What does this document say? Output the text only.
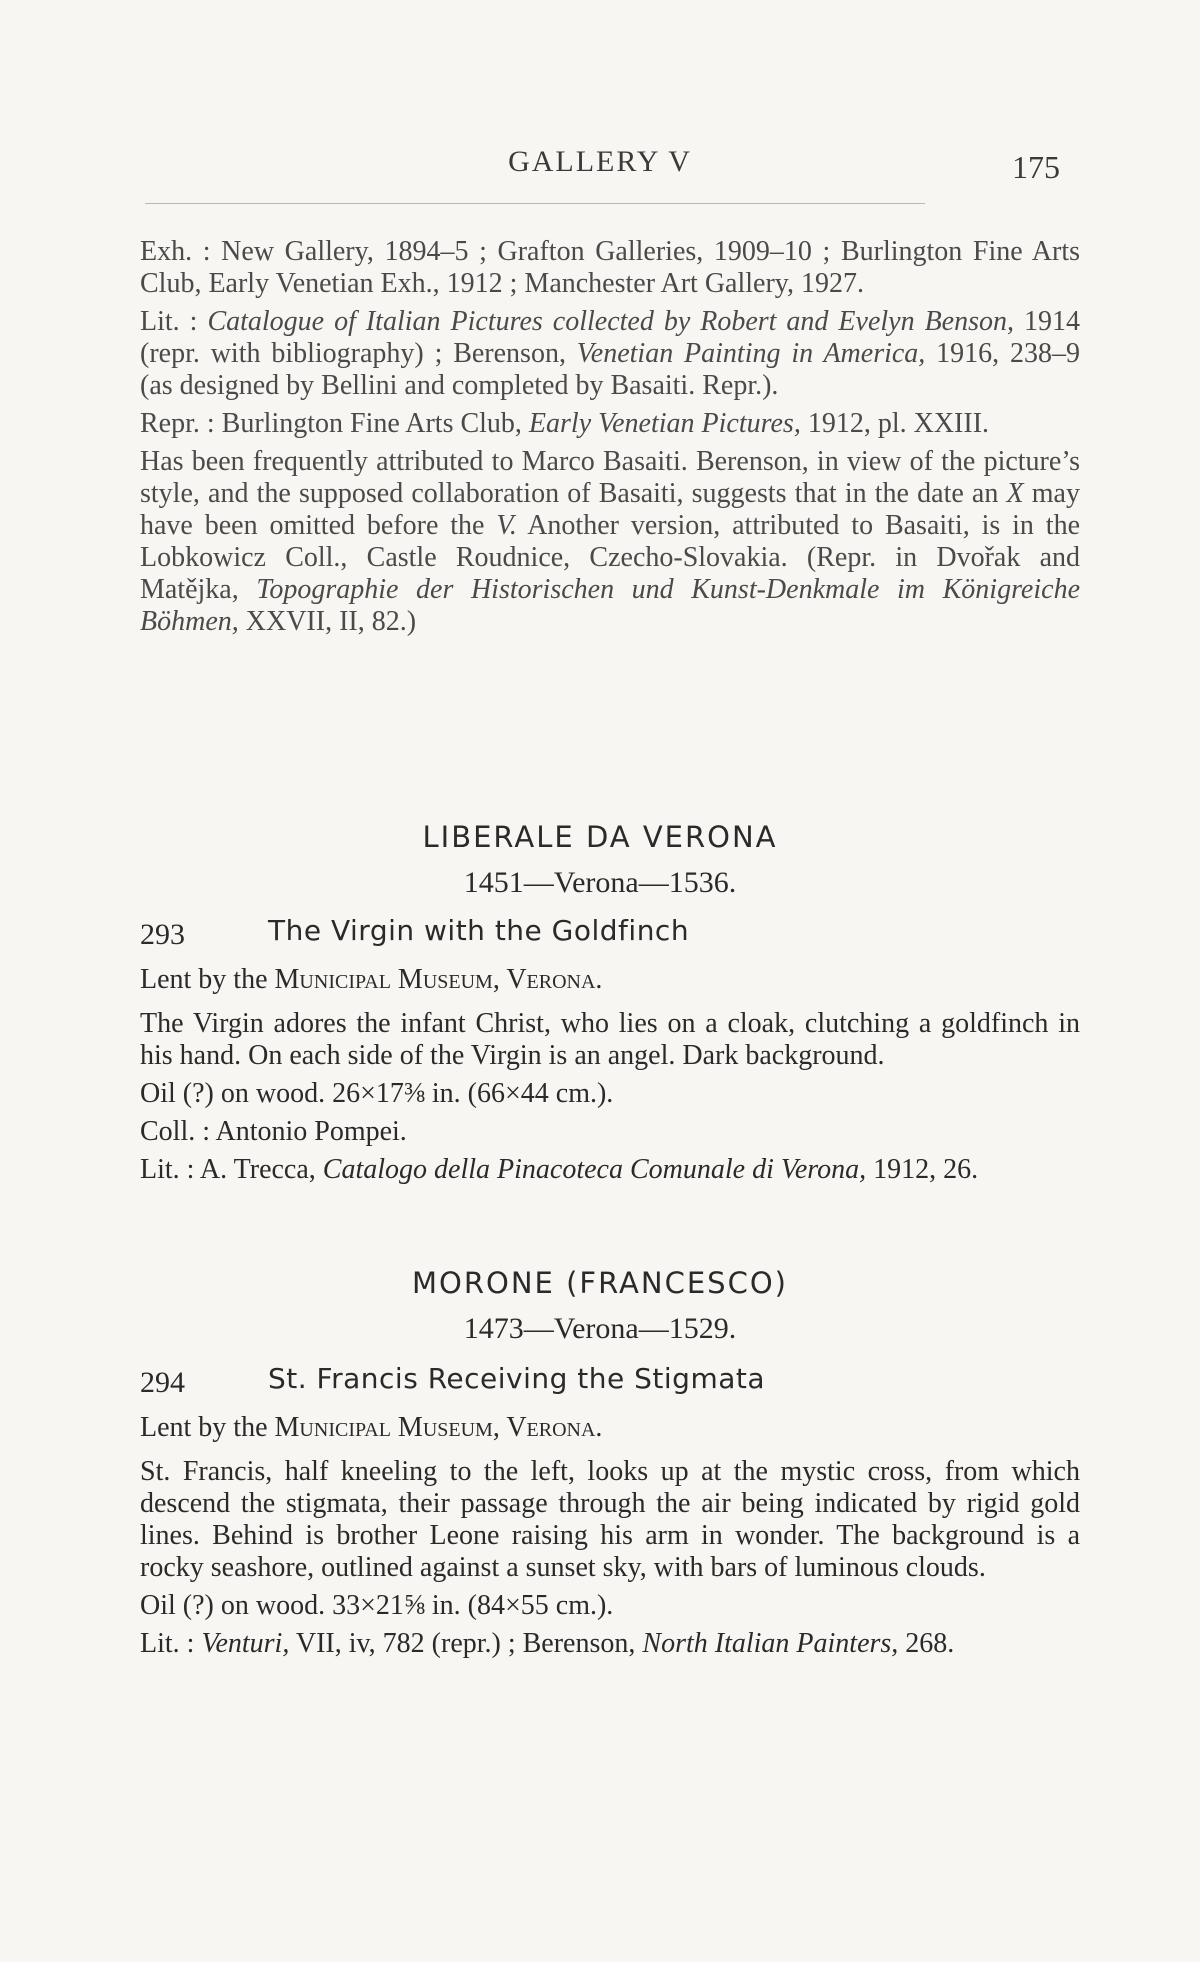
GALLERY V	175

Exh. : New Gallery, 1894–5 ; Grafton Galleries, 1909–10 ; Burlington Fine Arts Club, Early Venetian Exh., 1912 ; Manchester Art Gallery, 1927.

Lit. : Catalogue of Italian Pictures collected by Robert and Evelyn Benson, 1914 (repr. with bibliography) ; Berenson, Venetian Painting in America, 1916, 238–9 (as designed by Bellini and completed by Basaiti. Repr.).

Repr. : Burlington Fine Arts Club, Early Venetian Pictures, 1912, pl. XXIII.

Has been frequently attributed to Marco Basaiti. Berenson, in view of the picture’s style, and the supposed collaboration of Basaiti, suggests that in the date an X may have been omitted before the V. Another version, attributed to Basaiti, is in the Lobkowicz Coll., Castle Roudnice, Czecho-Slovakia. (Repr. in Dvořak and Matějka, Topographie der Historischen und Kunst-Denkmale im Königreiche Böhmen, XXVII, II, 82.)

LIBERALE DA VERONA
1451—Verona—1536.
293	The Virgin with the Goldfinch

Lent by the Municipal Museum, Verona.

The Virgin adores the infant Christ, who lies on a cloak, clutching a goldfinch in his hand. On each side of the Virgin is an angel. Dark background.

Oil (?) on wood. 26×17⅜ in. (66×44 cm.).

Coll. : Antonio Pompei.

Lit. : A. Trecca, Catalogo della Pinacoteca Comunale di Verona, 1912, 26.

MORONE (FRANCESCO)
1473—Verona—1529.
294	St. Francis Receiving the Stigmata

Lent by the Municipal Museum, Verona.

St. Francis, half kneeling to the left, looks up at the mystic cross, from which descend the stigmata, their passage through the air being indicated by rigid gold lines. Behind is brother Leone raising his arm in wonder. The background is a rocky seashore, outlined against a sunset sky, with bars of luminous clouds.

Oil (?) on wood. 33×21⅝ in. (84×55 cm.).

Lit. : Venturi, VII, iv, 782 (repr.) ; Berenson, North Italian Painters, 268.
